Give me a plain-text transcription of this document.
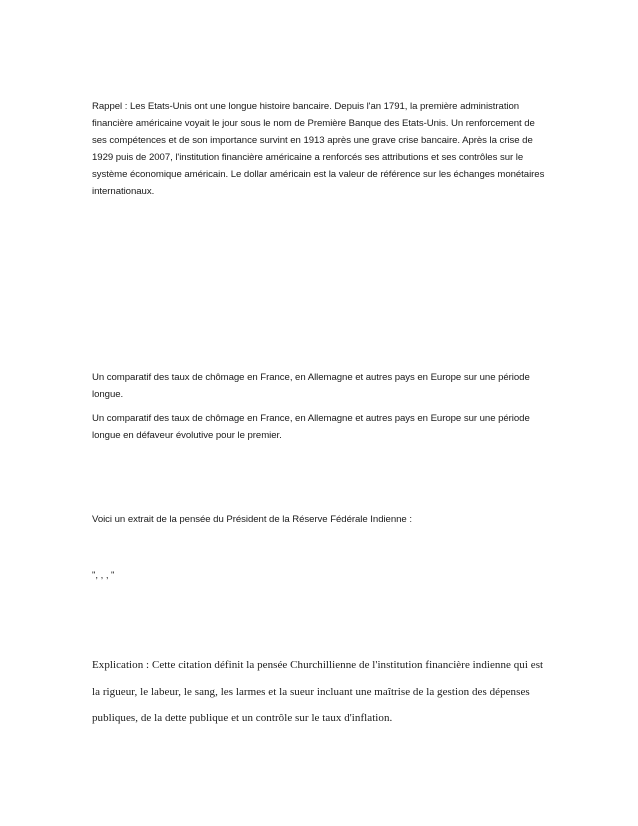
Rappel : Les Etats-Unis ont une longue histoire bancaire. Depuis l'an 1791, la première administration financière américaine voyait le jour sous le nom de Première Banque des Etats-Unis. Un renforcement de ses compétences et de son importance survint en 1913 après une grave crise bancaire. Après la crise de 1929 puis de 2007, l'institution financière américaine a renforcés ses attributions et ses contrôles sur le système économique américain. Le dollar américain est la valeur de référence sur les échanges monétaires internationaux.

Un comparatif des taux de chômage en France, en Allemagne et autres pays en Europe sur une période longue.

Un comparatif des taux de chômage en France, en Allemagne et autres pays en Europe sur une période longue en défaveur évolutive pour le premier.

Voici un extrait de la pensée du Président de la Réserve Fédérale Indienne :

", , , "

Explication : Cette citation définit la pensée Churchillienne de l'institution financière indienne qui est la rigueur, le labeur, le sang, les larmes et la sueur incluant une maîtrise de la gestion des dépenses publiques, de la dette publique et un contrôle sur le taux d'inflation.
